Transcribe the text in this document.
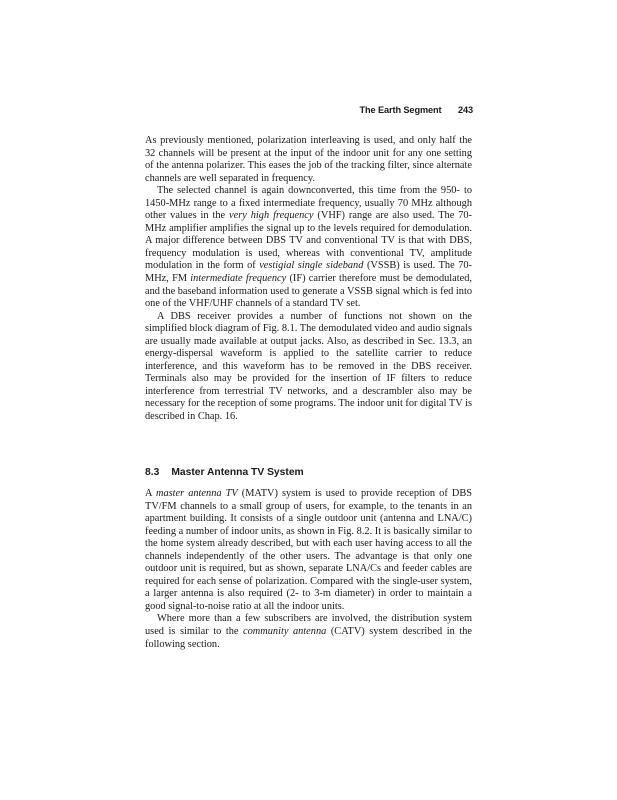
The Earth Segment 243

As previously mentioned, polarization interleaving is used, and only half the 32 channels will be present at the input of the indoor unit for any one setting of the antenna polarizer. This eases the job of the tracking filter, since alternate channels are well separated in frequency.

The selected channel is again downconverted, this time from the 950- to 1450-MHz range to a fixed intermediate frequency, usually 70 MHz although other values in the very high frequency (VHF) range are also used. The 70-MHz amplifier amplifies the signal up to the levels required for demodulation. A major difference between DBS TV and conventional TV is that with DBS, frequency modulation is used, whereas with conventional TV, amplitude modulation in the form of vestigial single sideband (VSSB) is used. The 70-MHz, FM intermediate frequency (IF) carrier therefore must be demodulated, and the baseband information used to generate a VSSB signal which is fed into one of the VHF/UHF channels of a standard TV set.

A DBS receiver provides a number of functions not shown on the simplified block diagram of Fig. 8.1. The demodulated video and audio signals are usually made available at output jacks. Also, as described in Sec. 13.3, an energy-dispersal waveform is applied to the satellite carrier to reduce interference, and this waveform has to be removed in the DBS receiver. Terminals also may be provided for the insertion of IF filters to reduce interference from terrestrial TV networks, and a descrambler also may be necessary for the reception of some programs. The indoor unit for digital TV is described in Chap. 16.

8.3 Master Antenna TV System

A master antenna TV (MATV) system is used to provide reception of DBS TV/FM channels to a small group of users, for example, to the tenants in an apartment building. It consists of a single outdoor unit (antenna and LNA/C) feeding a number of indoor units, as shown in Fig. 8.2. It is basically similar to the home system already described, but with each user having access to all the channels independently of the other users. The advantage is that only one outdoor unit is required, but as shown, separate LNA/Cs and feeder cables are required for each sense of polarization. Compared with the single-user system, a larger antenna is also required (2- to 3-m diameter) in order to maintain a good signal-to-noise ratio at all the indoor units.

Where more than a few subscribers are involved, the distribution system used is similar to the community antenna (CATV) system described in the following section.
